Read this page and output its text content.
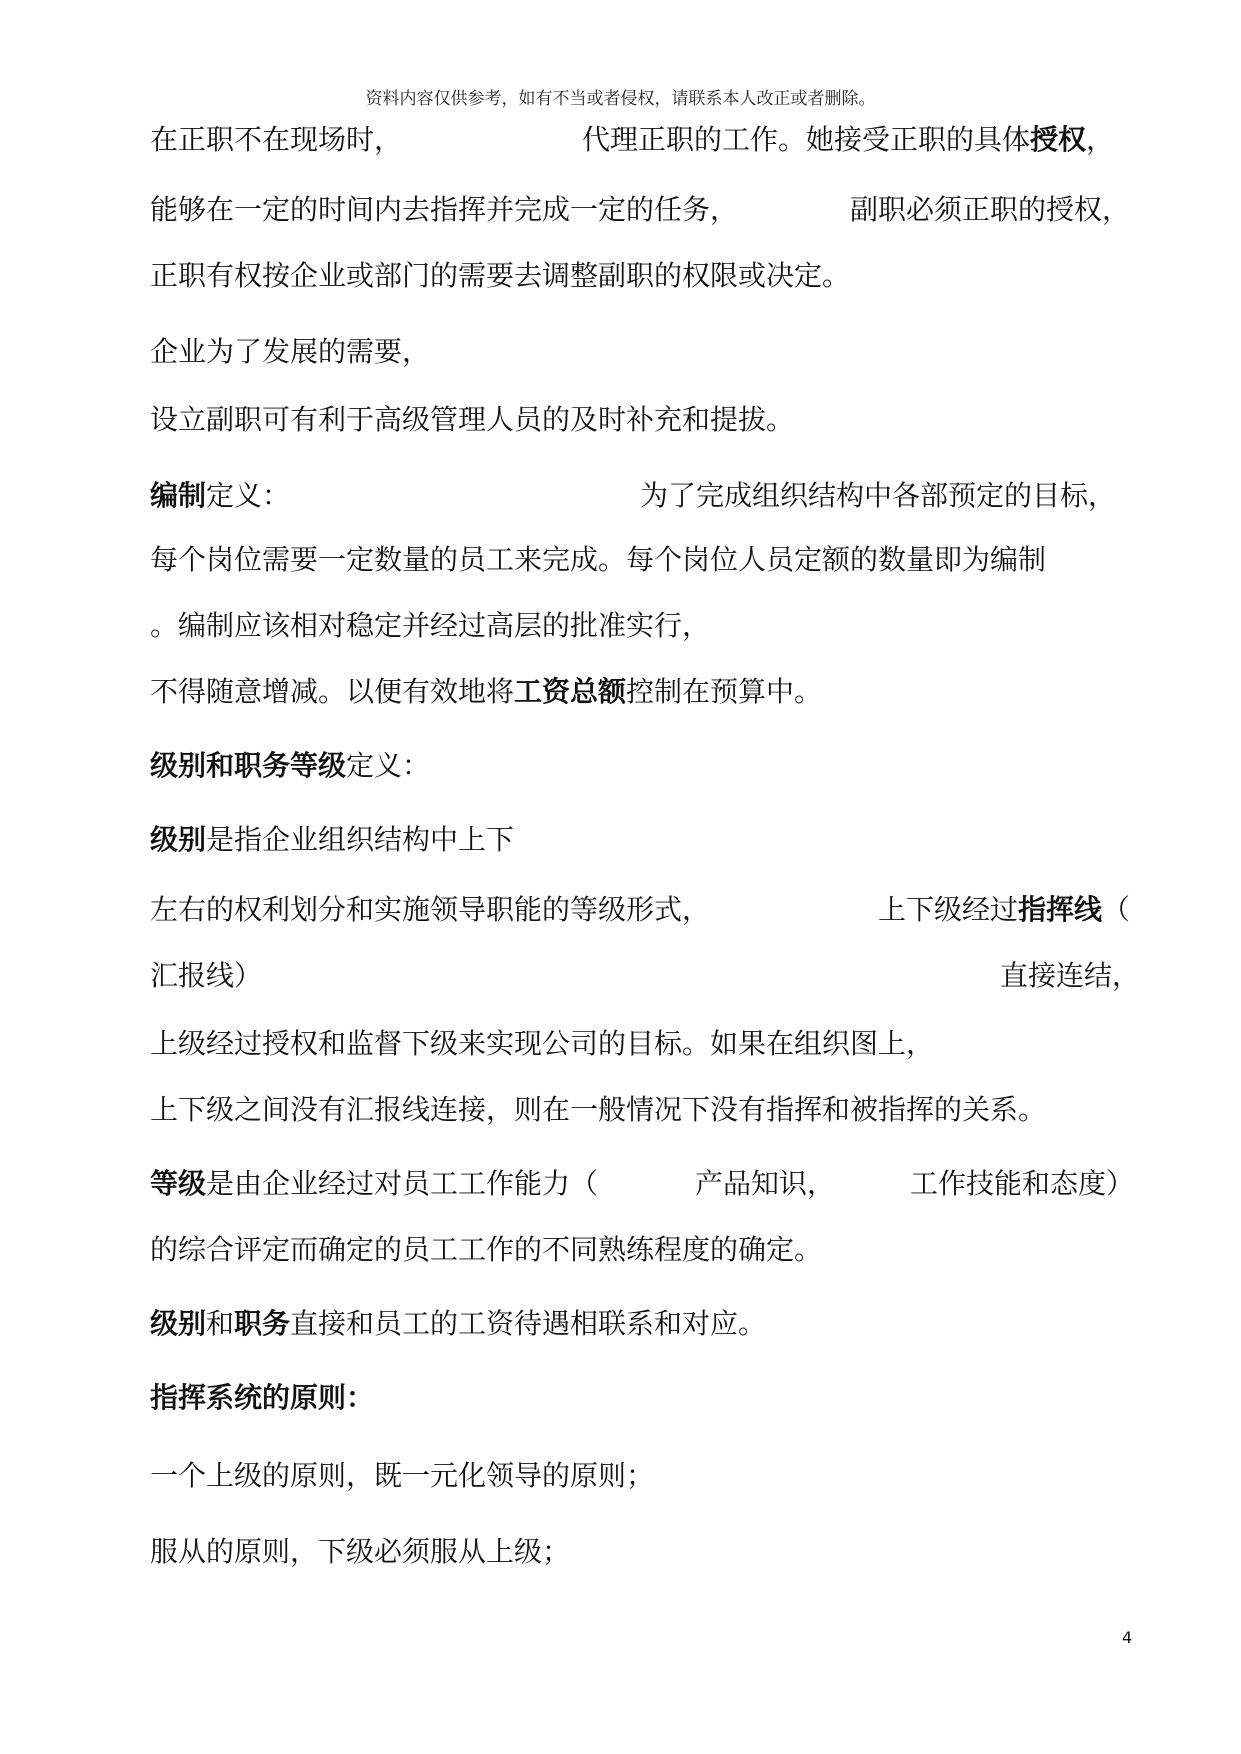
资料内容仅供参考，如有不当或者侵权，请联系本人改正或者删除。
在正职不在现场时，	代理正职的工作。她接受正职的具体授权，
能够在一定的时间内去指挥并完成一定的任务，	副职必须正职的授权，
正职有权按企业或部门的需要去调整副职的权限或决定。
企业为了发展的需要，
设立副职可有利于高级管理人员的及时补充和提拔。
编制定义：	为了完成组织结构中各部预定的目标，
每个岗位需要一定数量的员工来完成。每个岗位人员定额的数量即为编制
。编制应该相对稳定并经过高层的批准实行，
不得随意增减。以便有效地将工资总额控制在预算中。
级别和职务等级定义：
级别是指企业组织结构中上下
左右的权利划分和实施领导职能的等级形式，	上下级经过指挥线（
汇报线）	直接连结，
上级经过授权和监督下级来实现公司的目标。如果在组织图上，
上下级之间没有汇报线连接，则在一般情况下没有指挥和被指挥的关系。
等级是由企业经过对员工工作能力（	产品知识，	工作技能和态度）
的综合评定而确定的员工工作的不同熟练程度的确定。
级别和职务直接和员工的工资待遇相联系和对应。
指挥系统的原则：
一个上级的原则，既一元化领导的原则；
服从的原则，下级必须服从上级；
4
